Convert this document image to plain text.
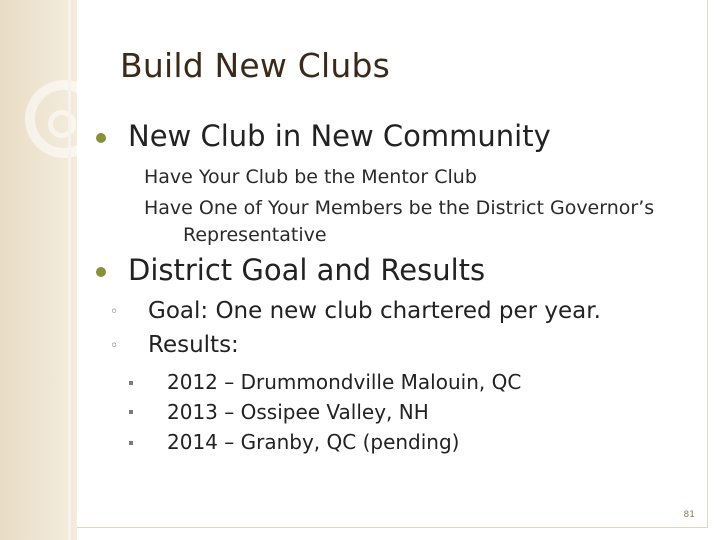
Build New Clubs
New Club in New Community
Have Your Club be the Mentor Club
Have One of Your Members be the District Governor’s
Representative
District Goal and Results
◦ Goal: One new club chartered per year.
◦ Results:
2012 – Drummondville Malouin, QC
2013 – Ossipee Valley, NH
2014 – Granby, QC (pending)
81
